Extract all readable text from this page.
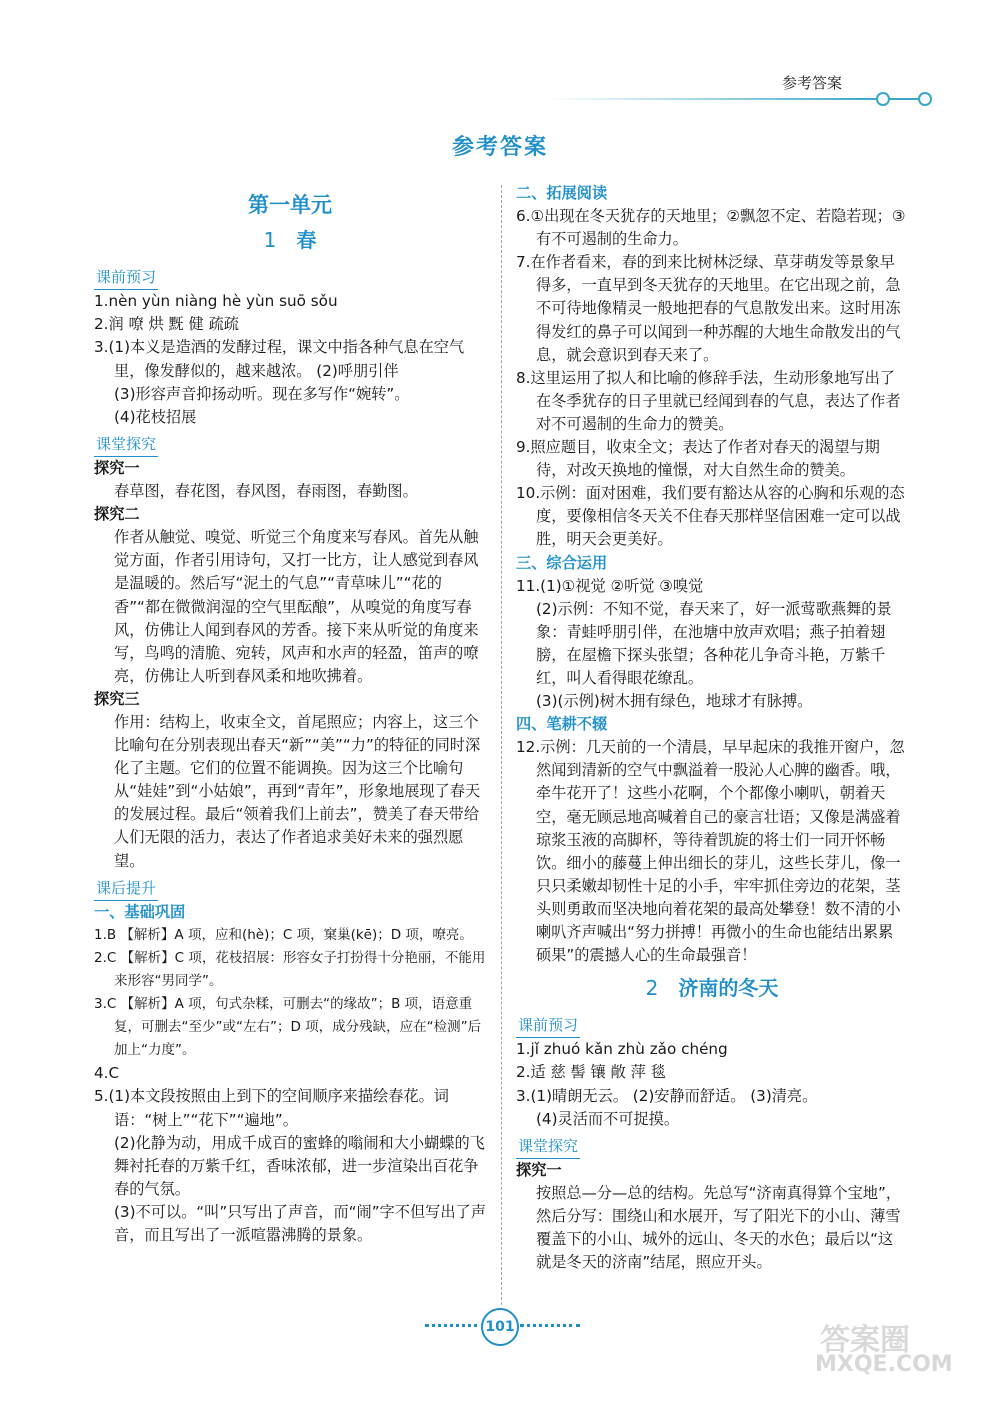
参考答案
参考答案
第一单元
1 春
课前预习

1.nèn yùn niàng hè yùn suō sǒu

2.润 嘹 烘 黖 健 疏疏

3.(1)本义是造酒的发酵过程，课文中指各种气息在空气里，像发酵似的，越来越浓。 (2)呼朋引伴

(3)形容声音抑扬动听。现在多写作“婉转”。

(4)花枝招展

课堂探究

探究一

春草图，春花图，春风图，春雨图，春勤图。

探究二

作者从触觉、嗅觉、听觉三个角度来写春风。首先从触觉方面，作者引用诗句，又打一比方，让人感觉到春风是温暖的。然后写“泥土的气息”“青草味儿”“花的香”“都在微微润湿的空气里酝酿”，从嗅觉的角度写春风，仿佛让人闻到春风的芳香。接下来从听觉的角度来写，鸟鸣的清脆、宛转，风声和水声的轻盈，笛声的嘹亮，仿佛让人听到春风柔和地吹拂着。

探究三

作用：结构上，收束全文，首尾照应；内容上，这三个比喻句在分别表现出春天“新”“美”“力”的特征的同时深化了主题。它们的位置不能调换。因为这三个比喻句从“娃娃”到“小姑娘”，再到“青年”，形象地展现了春天的发展过程。最后“领着我们上前去”，赞美了春天带给人们无限的活力，表达了作者追求美好未来的强烈愿望。

课后提升

一、基础巩固

1.B 【解析】A 项，应和(hè)；C 项，窠巢(kē)；D 项，嘹亮。

2.C 【解析】C 项，花枝招展：形容女子打扮得十分艳丽，不能用来形容“男同学”。

3.C 【解析】A 项，句式杂糅，可删去“的缘故”；B 项，语意重复，可删去“至少”或“左右”；D 项，成分残缺，应在“检测”后加上“力度”。

4.C

5.(1)本文段按照由上到下的空间顺序来描绘春花。词语：“树上”“花下”“遍地”。

(2)化静为动，用成千成百的蜜蜂的嗡闹和大小蝴蝶的飞舞衬托春的万紫千红，香味浓郁，进一步渲染出百花争春的气氛。

(3)不可以。“叫”只写出了声音，而“闹”字不但写出了声音，而且写出了一派喧嚣沸腾的景象。

二、拓展阅读

6.①出现在冬天犹存的天地里；②飘忽不定、若隐若现；③有不可遏制的生命力。

7.在作者看来，春的到来比树林泛绿、草芽萌发等景象早得多，一直早到冬天犹存的天地里。在它出现之前，急不可待地像精灵一般地把春的气息散发出来。这时用冻得发红的鼻子可以闻到一种苏醒的大地生命散发出的气息，就会意识到春天来了。

8.这里运用了拟人和比喻的修辞手法，生动形象地写出了在冬季犹存的日子里就已经闻到春的气息，表达了作者对不可遏制的生命力的赞美。

9.照应题目，收束全文；表达了作者对春天的渴望与期待，对改天换地的憧憬，对大自然生命的赞美。

10.示例：面对困难，我们要有豁达从容的心胸和乐观的态度，要像相信冬天关不住春天那样坚信困难一定可以战胜，明天会更美好。

三、综合运用

11.(1)①视觉 ②听觉 ③嗅觉

(2)示例：不知不觉，春天来了，好一派莺歌燕舞的景象：青蛙呼朋引伴，在池塘中放声欢唱；燕子拍着翅膀，在屋檐下探头张望；各种花儿争奇斗艳，万紫千红，叫人看得眼花缭乱。

(3)(示例)树木拥有绿色，地球才有脉搏。

四、笔耕不辍

12.示例：几天前的一个清晨，早早起床的我推开窗户，忽然闻到清新的空气中飘溢着一股沁人心脾的幽香。哦，牵牛花开了！这些小花啊，个个都像小喇叭，朝着天空，毫无顾忌地高喊着自己的豪言壮语；又像是满盛着琼浆玉液的高脚杯，等待着凯旋的将士们一同开怀畅饮。细小的藤蔓上伸出细长的芽儿，这些长芽儿，像一只只柔嫩却韧性十足的小手，牢牢抓住旁边的花架，茎头则勇敢而坚决地向着花架的最高处攀登！数不清的小喇叭齐声喊出“努力拼搏！再微小的生命也能结出累累硕果”的震撼人心的生命最强音！

2 济南的冬天
课前预习

1.jǐ zhuó kǎn zhù zǎo chéng

2.适 慈 髻 镶 敞 萍 毯

3.(1)晴朗无云。 (2)安静而舒适。 (3)清亮。

(4)灵活而不可捉摸。

课堂探究

探究一

按照总—分—总的结构。先总写“济南真得算个宝地”，然后分写：围绕山和水展开，写了阳光下的小山、薄雪覆盖下的小山、城外的远山、冬天的水色；最后以“这就是冬天的济南”结尾，照应开头。

101	答案圈
MXQE.COM
